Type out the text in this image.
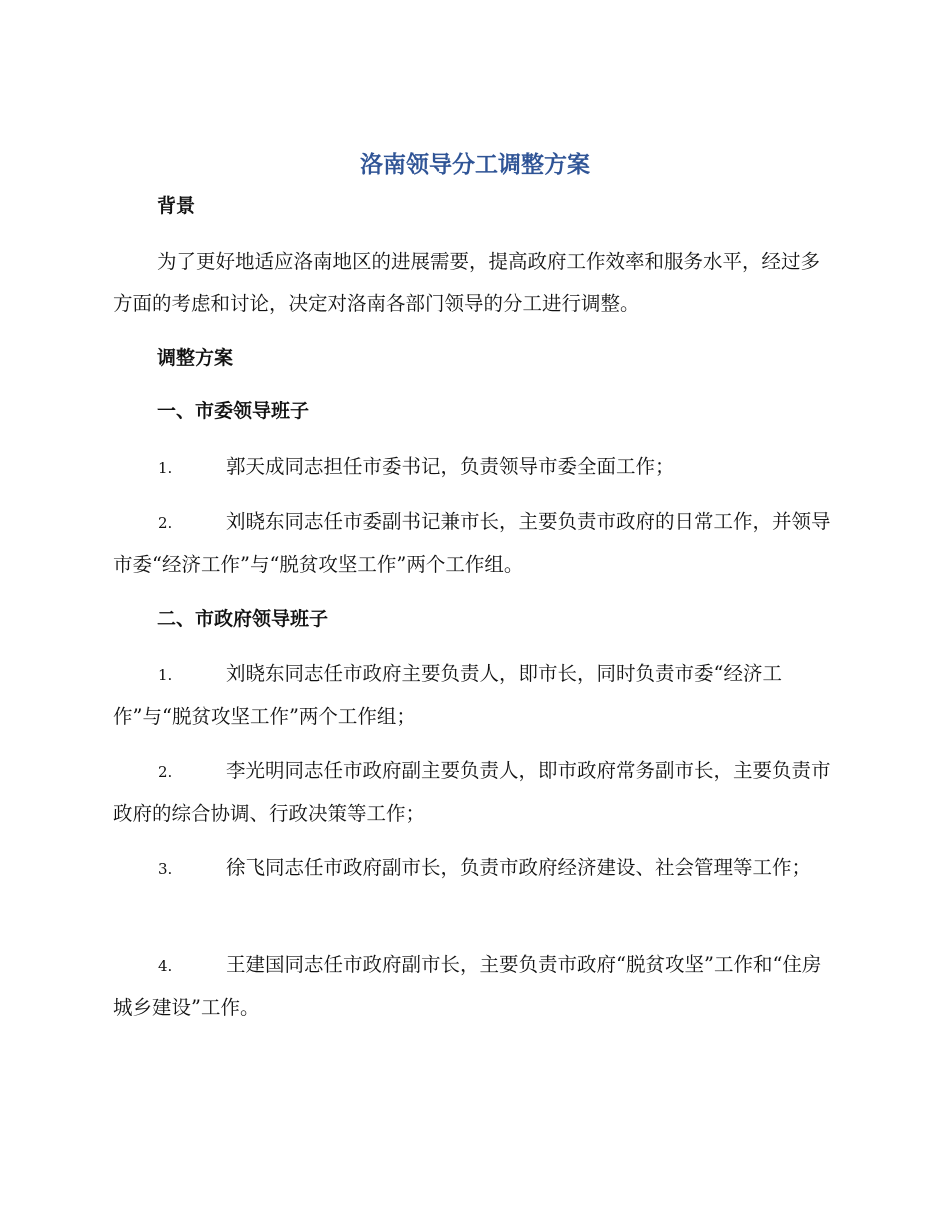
洛南领导分工调整方案
背景
为了更好地适应洛南地区的进展需要，提高政府工作效率和服务水平，经过多方面的考虑和讨论，决定对洛南各部门领导的分工进行调整。
调整方案
一、市委领导班子
1.	郭天成同志担任市委书记，负责领导市委全面工作；
2.	刘晓东同志任市委副书记兼市长，主要负责市政府的日常工作，并领导市委“经济工作”与“脱贫攻坚工作”两个工作组。
二、市政府领导班子
1.	刘晓东同志任市政府主要负责人，即市长，同时负责市委“经济工作”与“脱贫攻坚工作”两个工作组；
2.	李光明同志任市政府副主要负责人，即市政府常务副市长，主要负责市政府的综合协调、行政决策等工作；
3.	徐飞同志任市政府副市长，负责市政府经济建设、社会管理等工作；
4.	王建国同志任市政府副市长，主要负责市政府“脱贫攻坚”工作和“住房城乡建设”工作。
